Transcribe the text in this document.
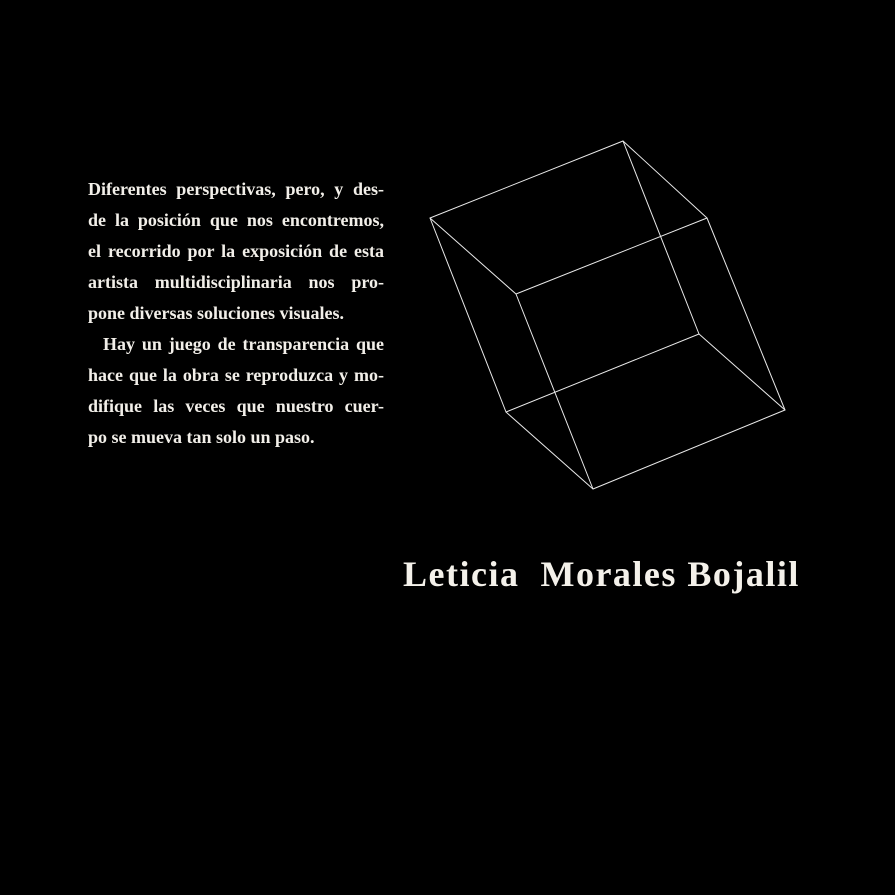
Diferentes perspectivas, pero, y des-
de la posición que nos encontremos,
el recorrido por la exposición de esta
artista multidisciplinaria nos pro-
pone diversas soluciones visuales.
Hay un juego de transparencia que
hace que la obra se reproduzca y mo-
difique las veces que nuestro cuer-
po se mueva tan solo un paso.
Leticia  Morales Bojalil
